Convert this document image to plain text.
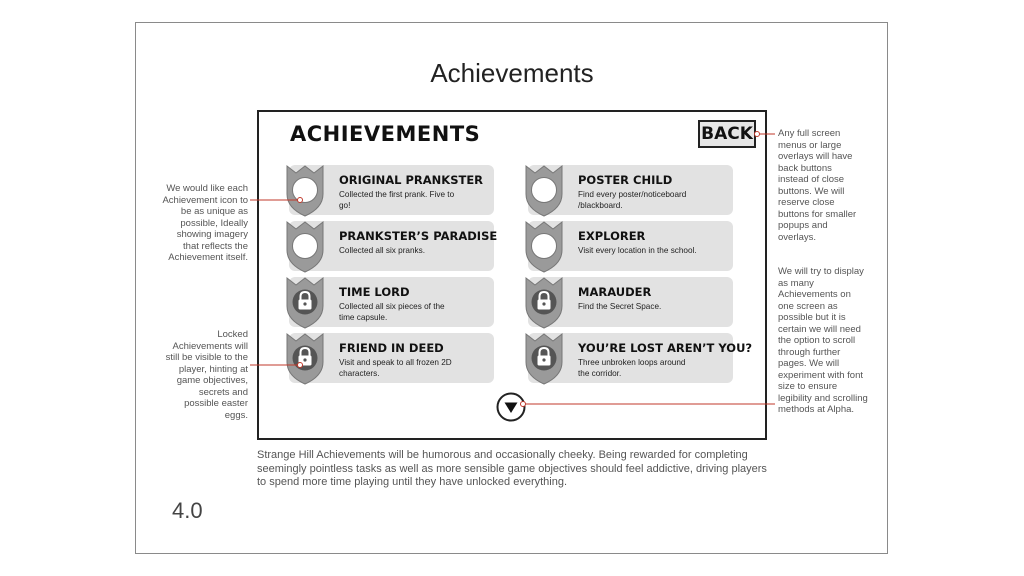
Achievements
ACHIEVEMENTS	BACK
ORIGINAL PRANKSTER
Collected the first prank. Five to go!
POSTER CHILD
Find every poster/noticeboard /blackboard.
PRANKSTER’S PARADISE
Collected all six pranks.
EXPLORER
Visit every location in the school.
TIME LORD
Collected all six pieces of the time capsule.
MARAUDER
Find the Secret Space.
FRIEND IN DEED
Visit and speak to all frozen 2D characters.
YOU’RE LOST AREN’T YOU?
Three unbroken loops around the corridor.
We would like each Achievement icon to be as unique as possible, Ideally showing imagery that reflects the Achievement itself.
Locked Achievements will still be visible to the player, hinting at game objectives, secrets and possible easter eggs.
Any full screen menus or large overlays will have back buttons instead of close buttons. We will reserve close buttons for smaller popups and overlays.
We will try to display as many Achievements on one screen as possible but it is certain we will need the option to scroll through further pages. We will experiment with font size to ensure legibility and scrolling methods at Alpha.
Strange Hill Achievements will be humorous and occasionally cheeky. Being rewarded for completing seemingly pointless tasks as well as more sensible game objectives should feel addictive, driving players to spend more time playing until they have unlocked everything.
4.0
